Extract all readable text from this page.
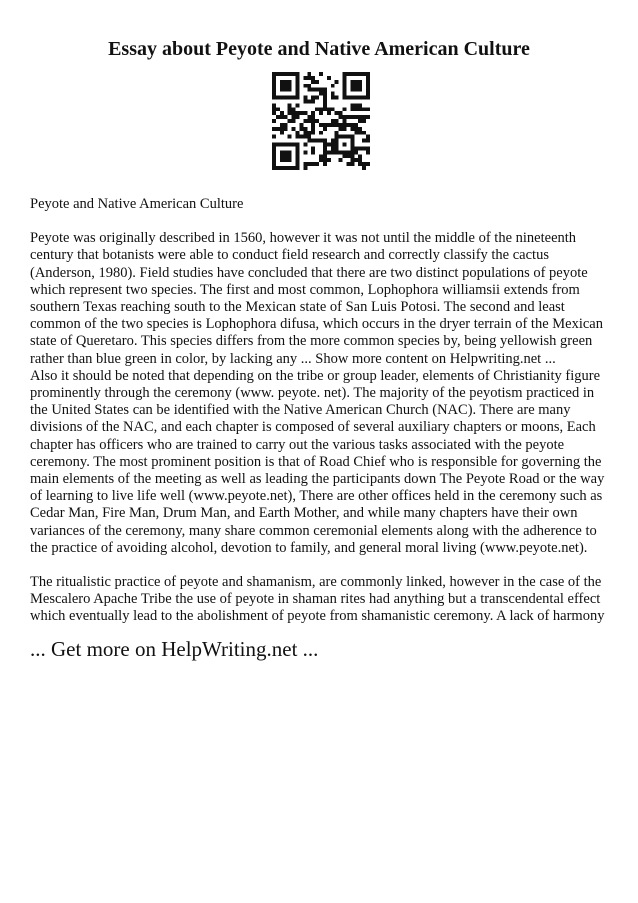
Essay about Peyote and Native American Culture

Peyote and Native American Culture

Peyote was originally described in 1560, however it was not until the middle of the nineteenth century that botanists were able to conduct field research and correctly classify the cactus (Anderson, 1980). Field studies have concluded that there are two distinct populations of peyote which represent two species. The first and most common, Lophophora williamsii extends from southern Texas reaching south to the Mexican state of San Luis Potosi. The second and least common of the two species is Lophophora difusa, which occurs in the dryer terrain of the Mexican state of Queretaro. This species differs from the more common species by, being yellowish green rather than blue green in color, by lacking any ... Show more content on Helpwriting.net ...

Also it should be noted that depending on the tribe or group leader, elements of Christianity figure prominently through the ceremony (www. peyote. net). The majority of the peyotism practiced in the United States can be identified with the Native American Church (NAC). There are many divisions of the NAC, and each chapter is composed of several auxiliary chapters or moons, Each chapter has officers who are trained to carry out the various tasks associated with the peyote ceremony. The most prominent position is that of Road Chief who is responsible for governing the main elements of the meeting as well as leading the participants down The Peyote Road or the way of learning to live life well (www.peyote.net), There are other offices held in the ceremony such as Cedar Man, Fire Man, Drum Man, and Earth Mother, and while many chapters have their own variances of the ceremony, many share common ceremonial elements along with the adherence to the practice of avoiding alcohol, devotion to family, and general moral living (www.peyote.net).

The ritualistic practice of peyote and shamanism, are commonly linked, however in the case of the Mescalero Apache Tribe the use of peyote in shaman rites had anything but a transcendental effect which eventually lead to the abolishment of peyote from shamanistic ceremony. A lack of harmony

... Get more on HelpWriting.net ...
